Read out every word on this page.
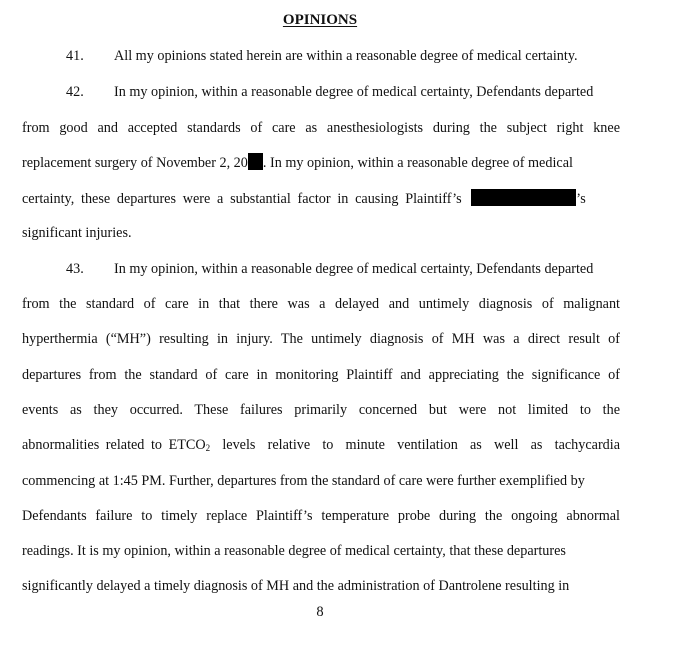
OPINIONS
41. All my opinions stated herein are within a reasonable degree of medical certainty.
42. In my opinion, within a reasonable degree of medical certainty, Defendants departed
from good and accepted standards of care as anesthesiologists during the subject right knee
replacement surgery of November 2, 20 . In my opinion, within a reasonable degree of medical
certainty, these departures were a substantial factor in causing Plaintiff’s	’s
significant injuries.
43. In my opinion, within a reasonable degree of medical certainty, Defendants departed
from the standard of care in that there was a delayed and untimely diagnosis of malignant
hyperthermia (“MH”) resulting in injury. The untimely diagnosis of MH was a direct result of
departures from the standard of care in monitoring Plaintiff and appreciating the significance of
events as they occurred. These failures primarily concerned but were not limited to the
abnormalities related to $ETCO_2$ levels relative to minute ventilation as well as tachycardia
commencing at 1:45 PM. Further, departures from the standard of care were further exemplified by
Defendants failure to timely replace Plaintiff’s temperature probe during the ongoing abnormal
readings. It is my opinion, within a reasonable degree of medical certainty, that these departures
significantly delayed a timely diagnosis of MH and the administration of Dantrolene resulting in
8
